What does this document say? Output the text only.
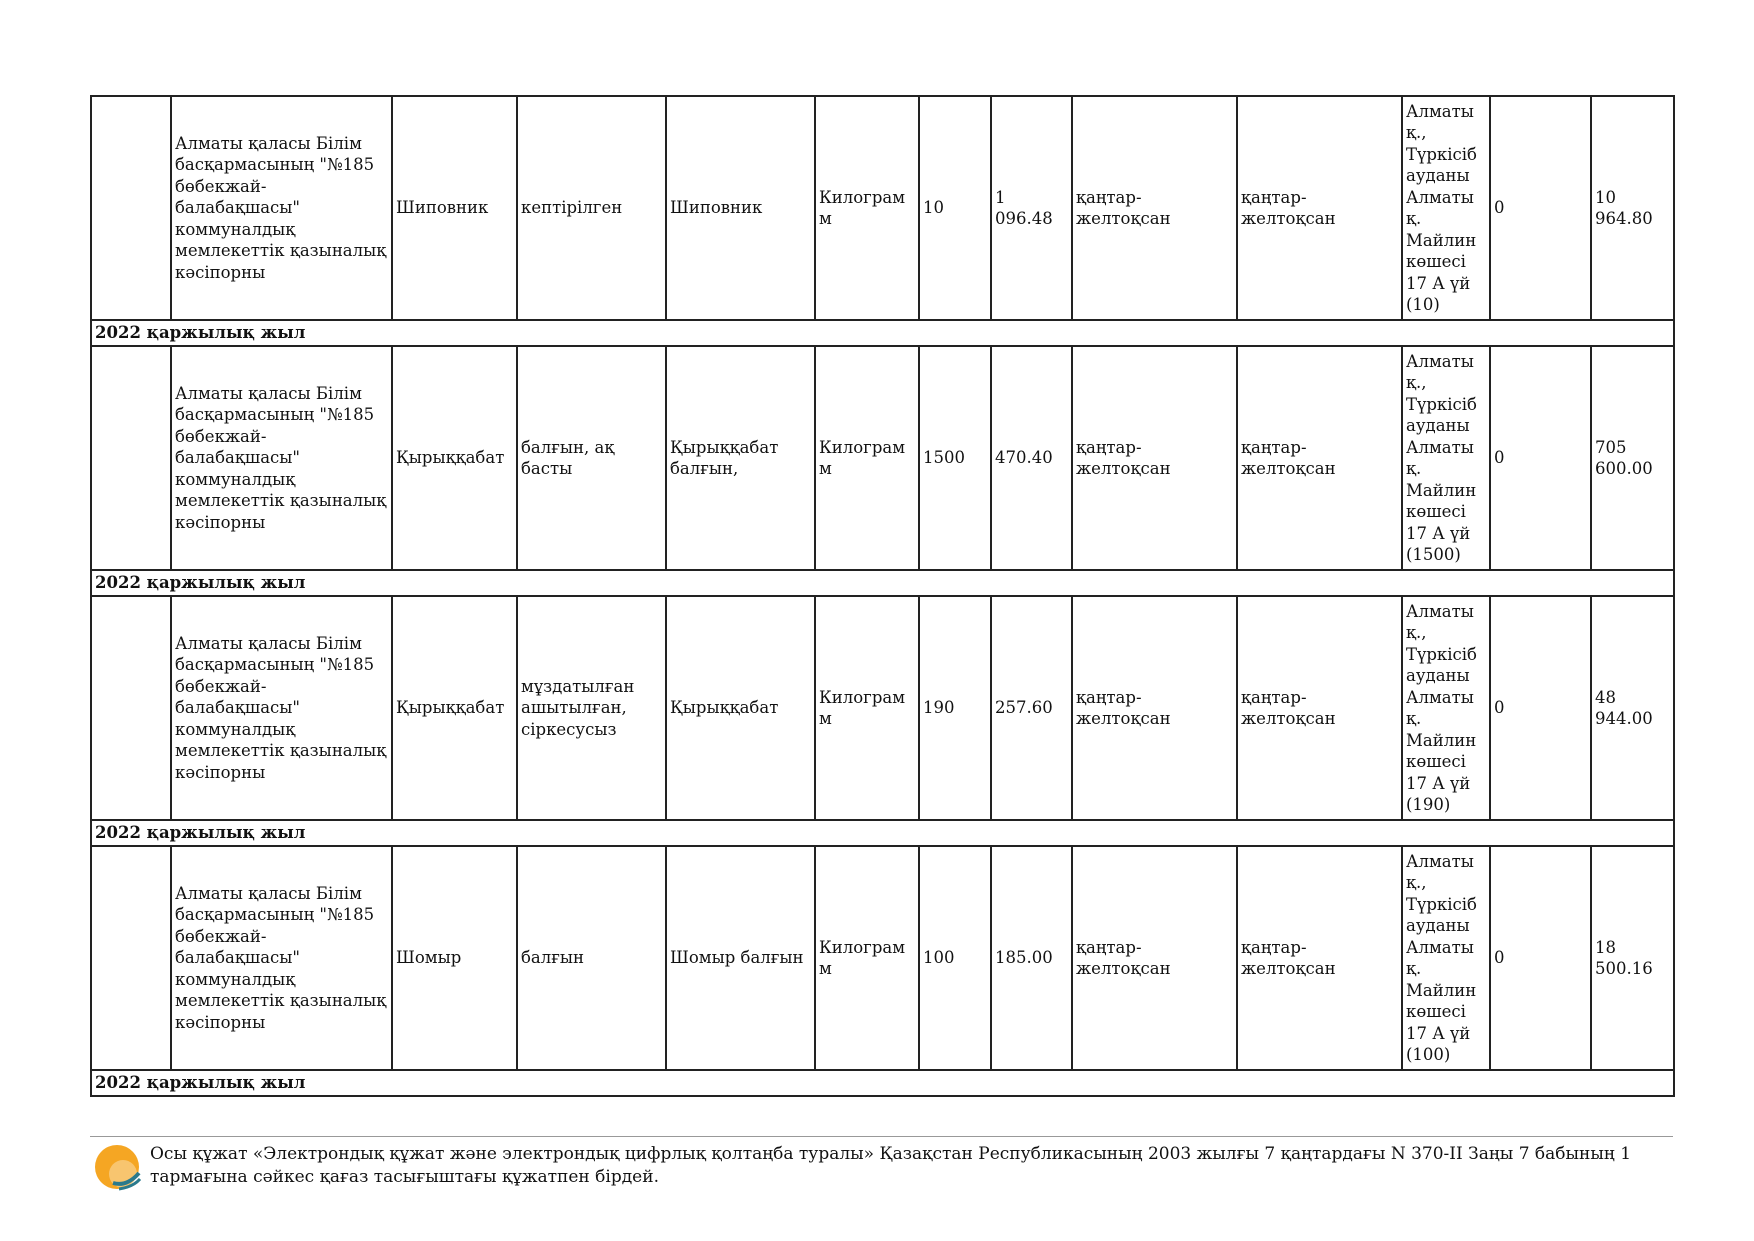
	Алматы қаласы Білім басқармасының "№185 бөбекжай-балабақшасы" коммуналдық мемлекеттік қазыналық кәсіпорны	Шиповник	кептірілген	Шиповник	Килограмм	10	1 096.48	қаңтар-желтоқсан	қаңтар-желтоқсан	Алматы қ., Түркісіб ауданы Алматы қ. Майлин көшесі 17 А үй (10)	0	10 964.80
2022 қаржылық жыл												
	Алматы қаласы Білім басқармасының "№185 бөбекжай-балабақшасы" коммуналдық мемлекеттік қазыналық кәсіпорны	Қырыққабат	балғын, ақ басты	Қырыққабат балғын,	Килограмм	1500	470.40	қаңтар-желтоқсан	қаңтар-желтоқсан	Алматы қ., Түркісіб ауданы Алматы қ. Майлин көшесі 17 А үй (1500)	0	705 600.00
2022 қаржылық жыл												
	Алматы қаласы Білім басқармасының "№185 бөбекжай-балабақшасы" коммуналдық мемлекеттік қазыналық кәсіпорны	Қырыққабат	мұздатылған ашытылған, сіркесусыз	Қырыққабат	Килограмм	190	257.60	қаңтар-желтоқсан	қаңтар-желтоқсан	Алматы қ., Түркісіб ауданы Алматы қ. Майлин көшесі 17 А үй (190)	0	48 944.00
2022 қаржылық жыл												
	Алматы қаласы Білім басқармасының "№185 бөбекжай-балабақшасы" коммуналдық мемлекеттік қазыналық кәсіпорны	Шомыр	балғын	Шомыр балғын	Килограмм	100	185.00	қаңтар-желтоқсан	қаңтар-желтоқсан	Алматы қ., Түркісіб ауданы Алматы қ. Майлин көшесі 17 А үй (100)	0	18 500.16
2022 қаржылық жыл												
Осы құжат «Электрондық құжат және электрондық цифрлық қолтаңба туралы» Қазақстан Республикасының 2003 жылғы 7 қаңтардағы N 370-II Заңы 7 бабының 1 тармағына сәйкес қағаз тасығыштағы құжатпен бірдей.
